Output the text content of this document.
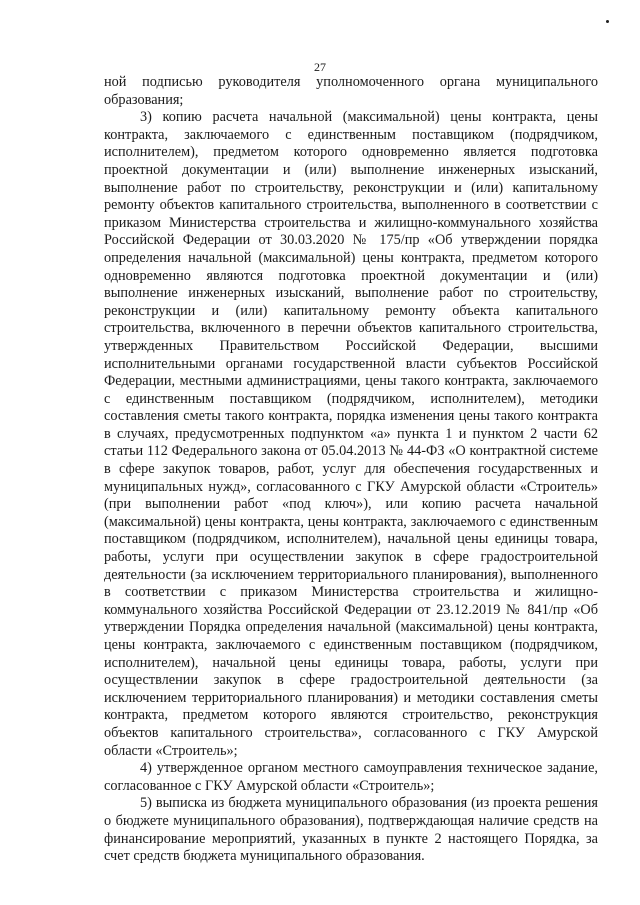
27

ной подписью руководителя уполномоченного органа муниципального образования;

3) копию расчета начальной (максимальной) цены контракта, цены контракта, заключаемого с единственным поставщиком (подрядчиком, исполнителем), предметом которого одновременно является подготовка проектной документации и (или) выполнение инженерных изысканий, выполнение работ по строительству, реконструкции и (или) капитальному ремонту объектов капитального строительства, выполненного в соответствии с приказом Министерства строительства и жилищно-коммунального хозяйства Российской Федерации от 30.03.2020 № 175/пр «Об утверждении порядка определения начальной (максимальной) цены контракта, предметом которого одновременно являются подготовка проектной документации и (или) выполнение инженерных изысканий, выполнение работ по строительству, реконструкции и (или) капитальному ремонту объекта капитального строительства, включенного в перечни объектов капитального строительства, утвержденных Правительством Российской Федерации, высшими исполнительными органами государственной власти субъектов Российской Федерации, местными администрациями, цены такого контракта, заключаемого с единственным поставщиком (подрядчиком, исполнителем), методики составления сметы такого контракта, порядка изменения цены такого контракта в случаях, предусмотренных подпунктом «а» пункта 1 и пунктом 2 части 62 статьи 112 Федерального закона от 05.04.2013 № 44-ФЗ «О контрактной системе в сфере закупок товаров, работ, услуг для обеспечения государственных и муниципальных нужд», согласованного с ГКУ Амурской области «Строитель» (при выполнении работ «под ключ»), или копию расчета начальной (максимальной) цены контракта, цены контракта, заключаемого с единственным поставщиком (подрядчиком, исполнителем), начальной цены единицы товара, работы, услуги при осуществлении закупок в сфере градостроительной деятельности (за исключением территориального планирования), выполненного в соответствии с приказом Министерства строительства и жилищно-коммунального хозяйства Российской Федерации от 23.12.2019 № 841/пр «Об утверждении Порядка определения начальной (максимальной) цены контракта, цены контракта, заключаемого с единственным поставщиком (подрядчиком, исполнителем), начальной цены единицы товара, работы, услуги при осуществлении закупок в сфере градостроительной деятельности (за исключением территориального планирования) и методики составления сметы контракта, предметом которого являются строительство, реконструкция объектов капитального строительства», согласованного с ГКУ Амурской области «Строитель»;

4) утвержденное органом местного самоуправления техническое задание, согласованное с ГКУ Амурской области «Строитель»;

5) выписка из бюджета муниципального образования (из проекта решения о бюджете муниципального образования), подтверждающая наличие средств на финансирование мероприятий, указанных в пункте 2 настоящего Порядка, за счет средств бюджета муниципального образования.
